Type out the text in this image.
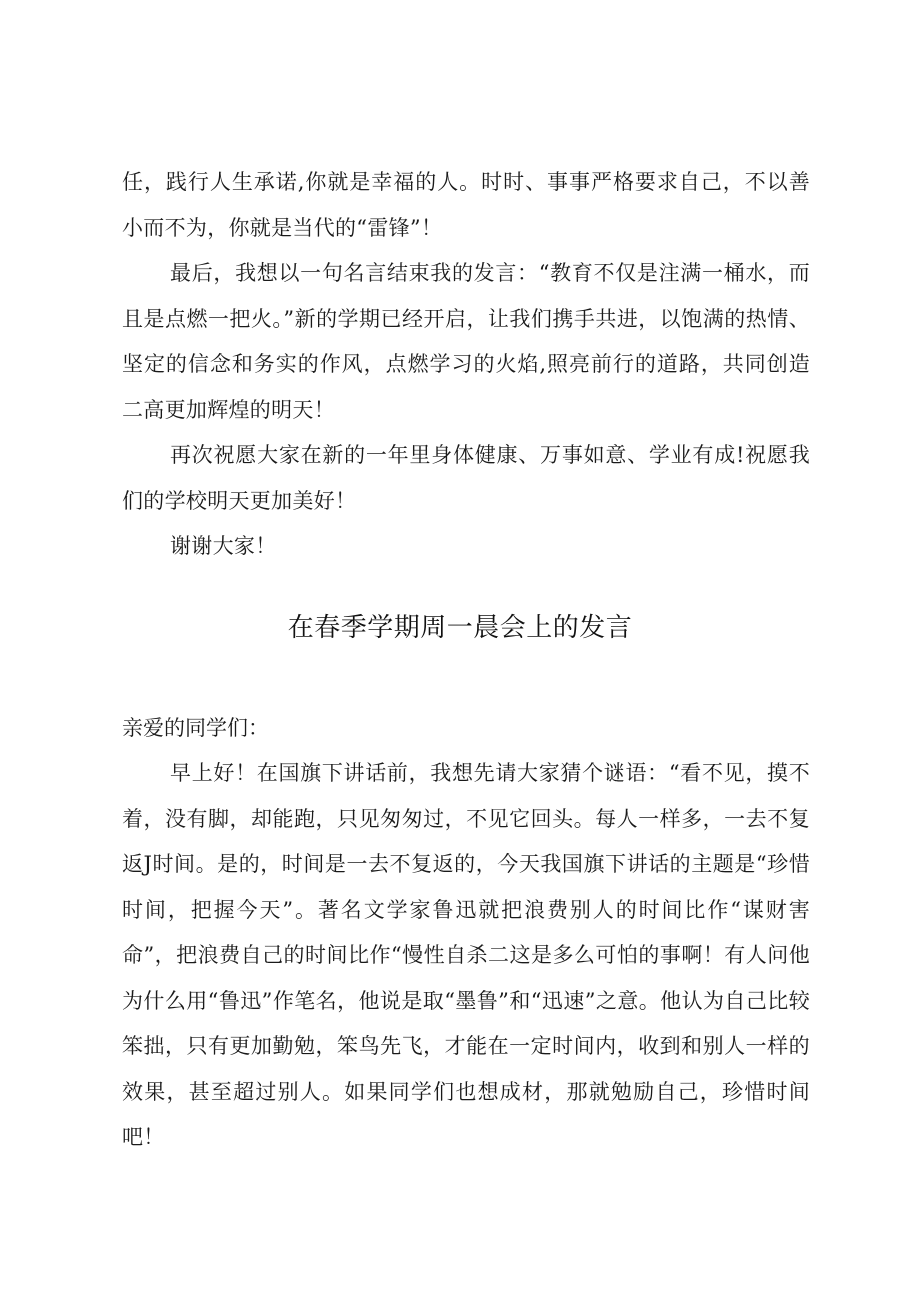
任，践行人生承诺,你就是幸福的人。时时、事事严格要求自己，不以善小而不为，你就是当代的“雷锋”！

最后，我想以一句名言结束我的发言：“教育不仅是注满一桶水，而且是点燃一把火。”新的学期已经开启，让我们携手共进，以饱满的热情、坚定的信念和务实的作风，点燃学习的火焰,照亮前行的道路，共同创造二高更加辉煌的明天！

再次祝愿大家在新的一年里身体健康、万事如意、学业有成!祝愿我们的学校明天更加美好！

谢谢大家！

在春季学期周一晨会上的发言

亲爱的同学们：

早上好！在国旗下讲话前，我想先请大家猜个谜语：“看不见，摸不着，没有脚，却能跑，只见匆匆过，不见它回头。每人一样多，一去不复返J时间。是的，时间是一去不复返的，今天我国旗下讲话的主题是“珍惜时间，把握今天”。著名文学家鲁迅就把浪费别人的时间比作“谋财害命”，把浪费自己的时间比作“慢性自杀二这是多么可怕的事啊！有人问他为什么用“鲁迅”作笔名，他说是取“墨鲁”和“迅速”之意。他认为自己比较笨拙，只有更加勤勉，笨鸟先飞，才能在一定时间内，收到和别人一样的效果，甚至超过别人。如果同学们也想成材，那就勉励自己，珍惜时间吧！
